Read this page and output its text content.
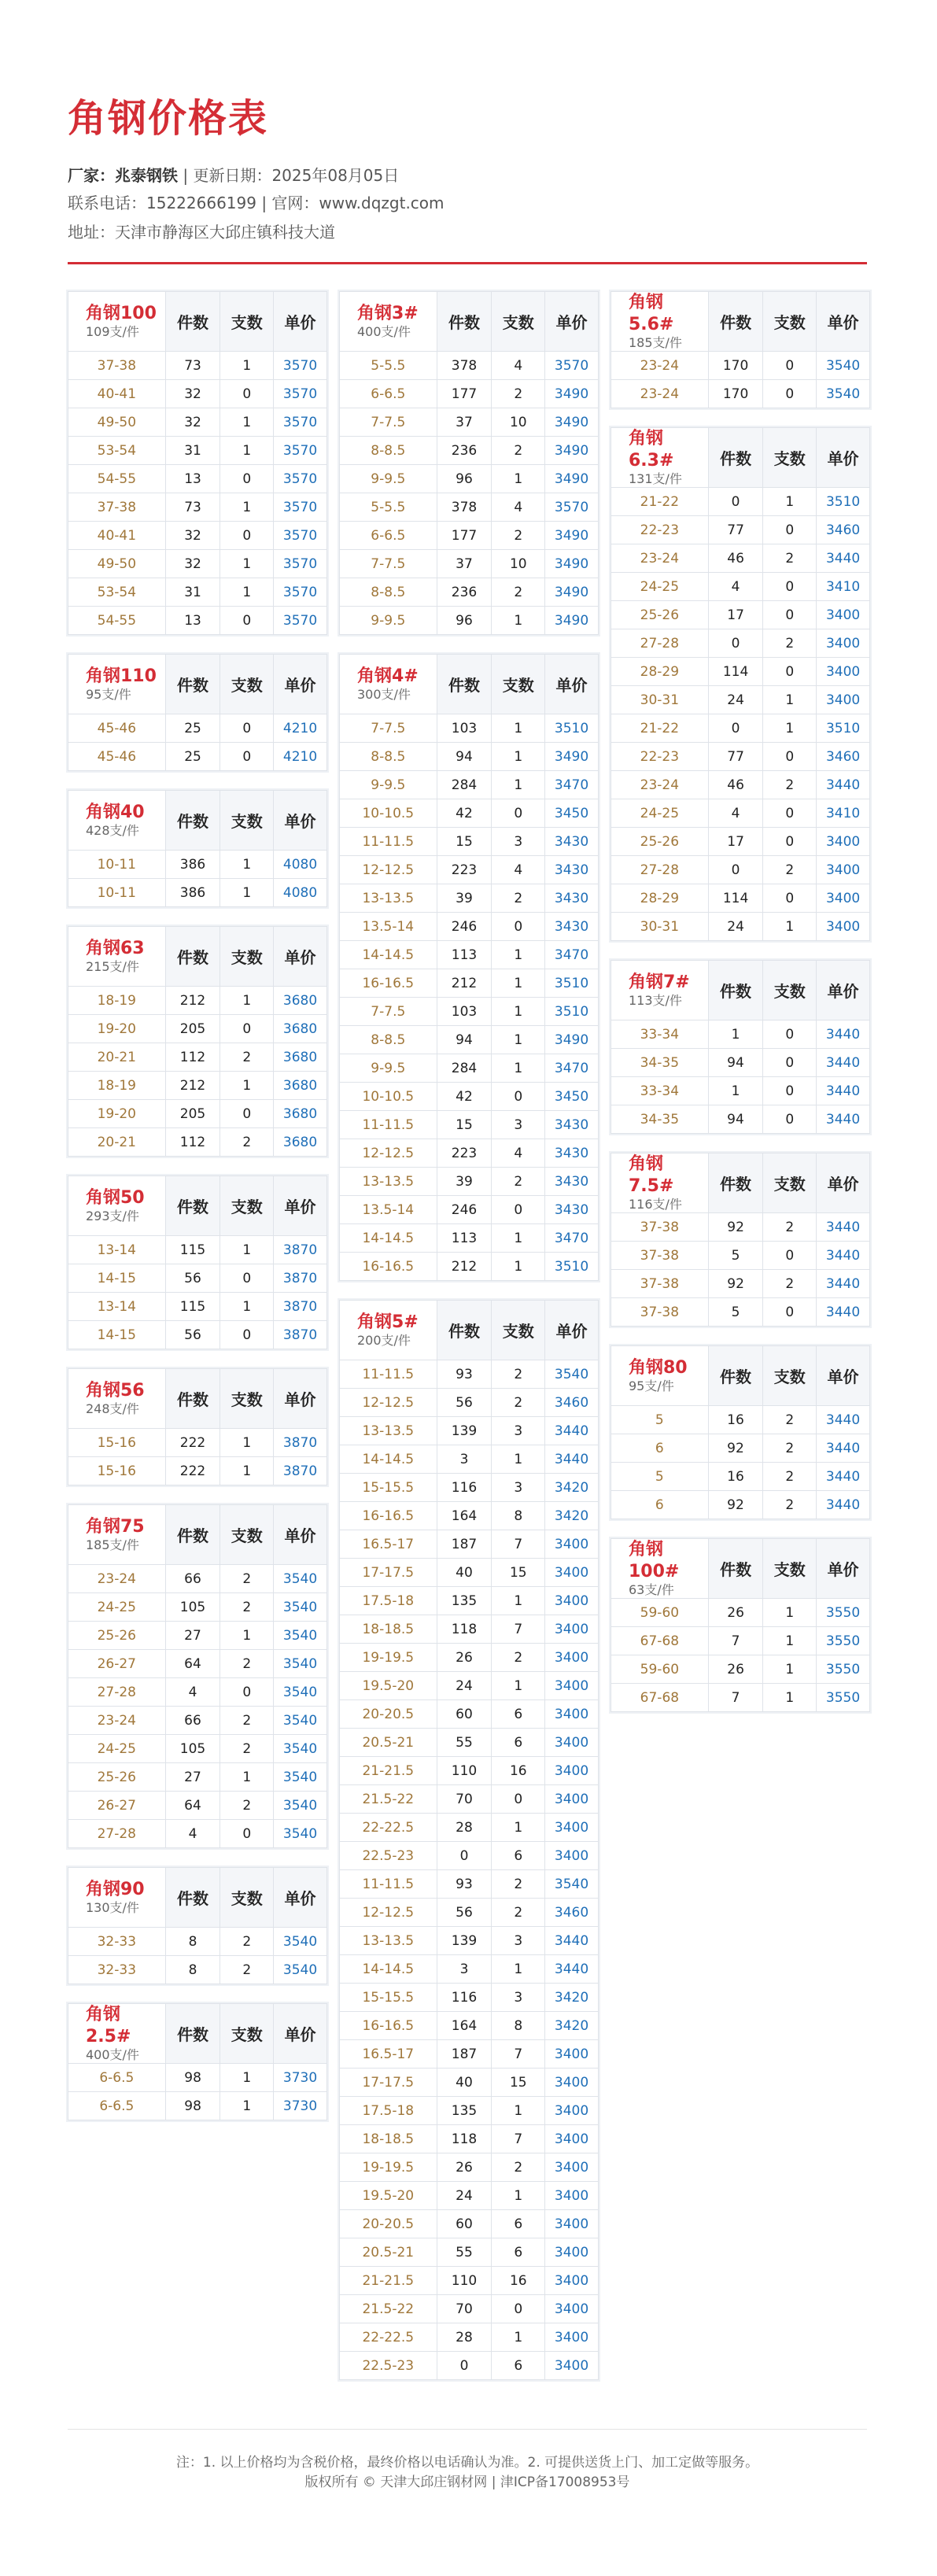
角钢价格表
厂家：兆泰钢铁 | 更新日期：2025年08月05日
联系电话：15222666199 | 官网：www.dqzgt.com
地址：天津市静海区大邱庄镇科技大道
角钢100
109支/件	件数	支数	单价
37-38	73	1	3570
40-41	32	0	3570
49-50	32	1	3570
53-54	31	1	3570
54-55	13	0	3570
37-38	73	1	3570
40-41	32	0	3570
49-50	32	1	3570
53-54	31	1	3570
54-55	13	0	3570
角钢110
95支/件	件数	支数	单价
45-46	25	0	4210
45-46	25	0	4210
角钢40
428支/件	件数	支数	单价
10-11	386	1	4080
10-11	386	1	4080
角钢63
215支/件	件数	支数	单价
18-19	212	1	3680
19-20	205	0	3680
20-21	112	2	3680
18-19	212	1	3680
19-20	205	0	3680
20-21	112	2	3680
角钢50
293支/件	件数	支数	单价
13-14	115	1	3870
14-15	56	0	3870
13-14	115	1	3870
14-15	56	0	3870
角钢56
248支/件	件数	支数	单价
15-16	222	1	3870
15-16	222	1	3870
角钢75
185支/件	件数	支数	单价
23-24	66	2	3540
24-25	105	2	3540
25-26	27	1	3540
26-27	64	2	3540
27-28	4	0	3540
23-24	66	2	3540
24-25	105	2	3540
25-26	27	1	3540
26-27	64	2	3540
27-28	4	0	3540
角钢90
130支/件	件数	支数	单价
32-33	8	2	3540
32-33	8	2	3540
角钢2.5#
400支/件	件数	支数	单价
6-6.5	98	1	3730
6-6.5	98	1	3730
角钢3#
400支/件	件数	支数	单价
5-5.5	378	4	3570
6-6.5	177	2	3490
7-7.5	37	10	3490
8-8.5	236	2	3490
9-9.5	96	1	3490
5-5.5	378	4	3570
6-6.5	177	2	3490
7-7.5	37	10	3490
8-8.5	236	2	3490
9-9.5	96	1	3490
角钢4#
300支/件	件数	支数	单价
7-7.5	103	1	3510
8-8.5	94	1	3490
9-9.5	284	1	3470
10-10.5	42	0	3450
11-11.5	15	3	3430
12-12.5	223	4	3430
13-13.5	39	2	3430
13.5-14	246	0	3430
14-14.5	113	1	3470
16-16.5	212	1	3510
7-7.5	103	1	3510
8-8.5	94	1	3490
9-9.5	284	1	3470
10-10.5	42	0	3450
11-11.5	15	3	3430
12-12.5	223	4	3430
13-13.5	39	2	3430
13.5-14	246	0	3430
14-14.5	113	1	3470
16-16.5	212	1	3510
角钢5#
200支/件	件数	支数	单价
11-11.5	93	2	3540
12-12.5	56	2	3460
13-13.5	139	3	3440
14-14.5	3	1	3440
15-15.5	116	3	3420
16-16.5	164	8	3420
16.5-17	187	7	3400
17-17.5	40	15	3400
17.5-18	135	1	3400
18-18.5	118	7	3400
19-19.5	26	2	3400
19.5-20	24	1	3400
20-20.5	60	6	3400
20.5-21	55	6	3400
21-21.5	110	16	3400
21.5-22	70	0	3400
22-22.5	28	1	3400
22.5-23	0	6	3400
11-11.5	93	2	3540
12-12.5	56	2	3460
13-13.5	139	3	3440
14-14.5	3	1	3440
15-15.5	116	3	3420
16-16.5	164	8	3420
16.5-17	187	7	3400
17-17.5	40	15	3400
17.5-18	135	1	3400
18-18.5	118	7	3400
19-19.5	26	2	3400
19.5-20	24	1	3400
20-20.5	60	6	3400
20.5-21	55	6	3400
21-21.5	110	16	3400
21.5-22	70	0	3400
22-22.5	28	1	3400
22.5-23	0	6	3400
角钢5.6#
185支/件	件数	支数	单价
23-24	170	0	3540
23-24	170	0	3540
角钢6.3#
131支/件	件数	支数	单价
21-22	0	1	3510
22-23	77	0	3460
23-24	46	2	3440
24-25	4	0	3410
25-26	17	0	3400
27-28	0	2	3400
28-29	114	0	3400
30-31	24	1	3400
21-22	0	1	3510
22-23	77	0	3460
23-24	46	2	3440
24-25	4	0	3410
25-26	17	0	3400
27-28	0	2	3400
28-29	114	0	3400
30-31	24	1	3400
角钢7#
113支/件	件数	支数	单价
33-34	1	0	3440
34-35	94	0	3440
33-34	1	0	3440
34-35	94	0	3440
角钢7.5#
116支/件	件数	支数	单价
37-38	92	2	3440
37-38	5	0	3440
37-38	92	2	3440
37-38	5	0	3440
角钢80
95支/件	件数	支数	单价
5	16	2	3440
6	92	2	3440
5	16	2	3440
6	92	2	3440
角钢100#
63支/件	件数	支数	单价
59-60	26	1	3550
67-68	7	1	3550
59-60	26	1	3550
67-68	7	1	3550
注：1. 以上价格均为含税价格，最终价格以电话确认为准。2. 可提供送货上门、加工定做等服务。
版权所有 © 天津大邱庄钢材网 | 津ICP备17008953号
